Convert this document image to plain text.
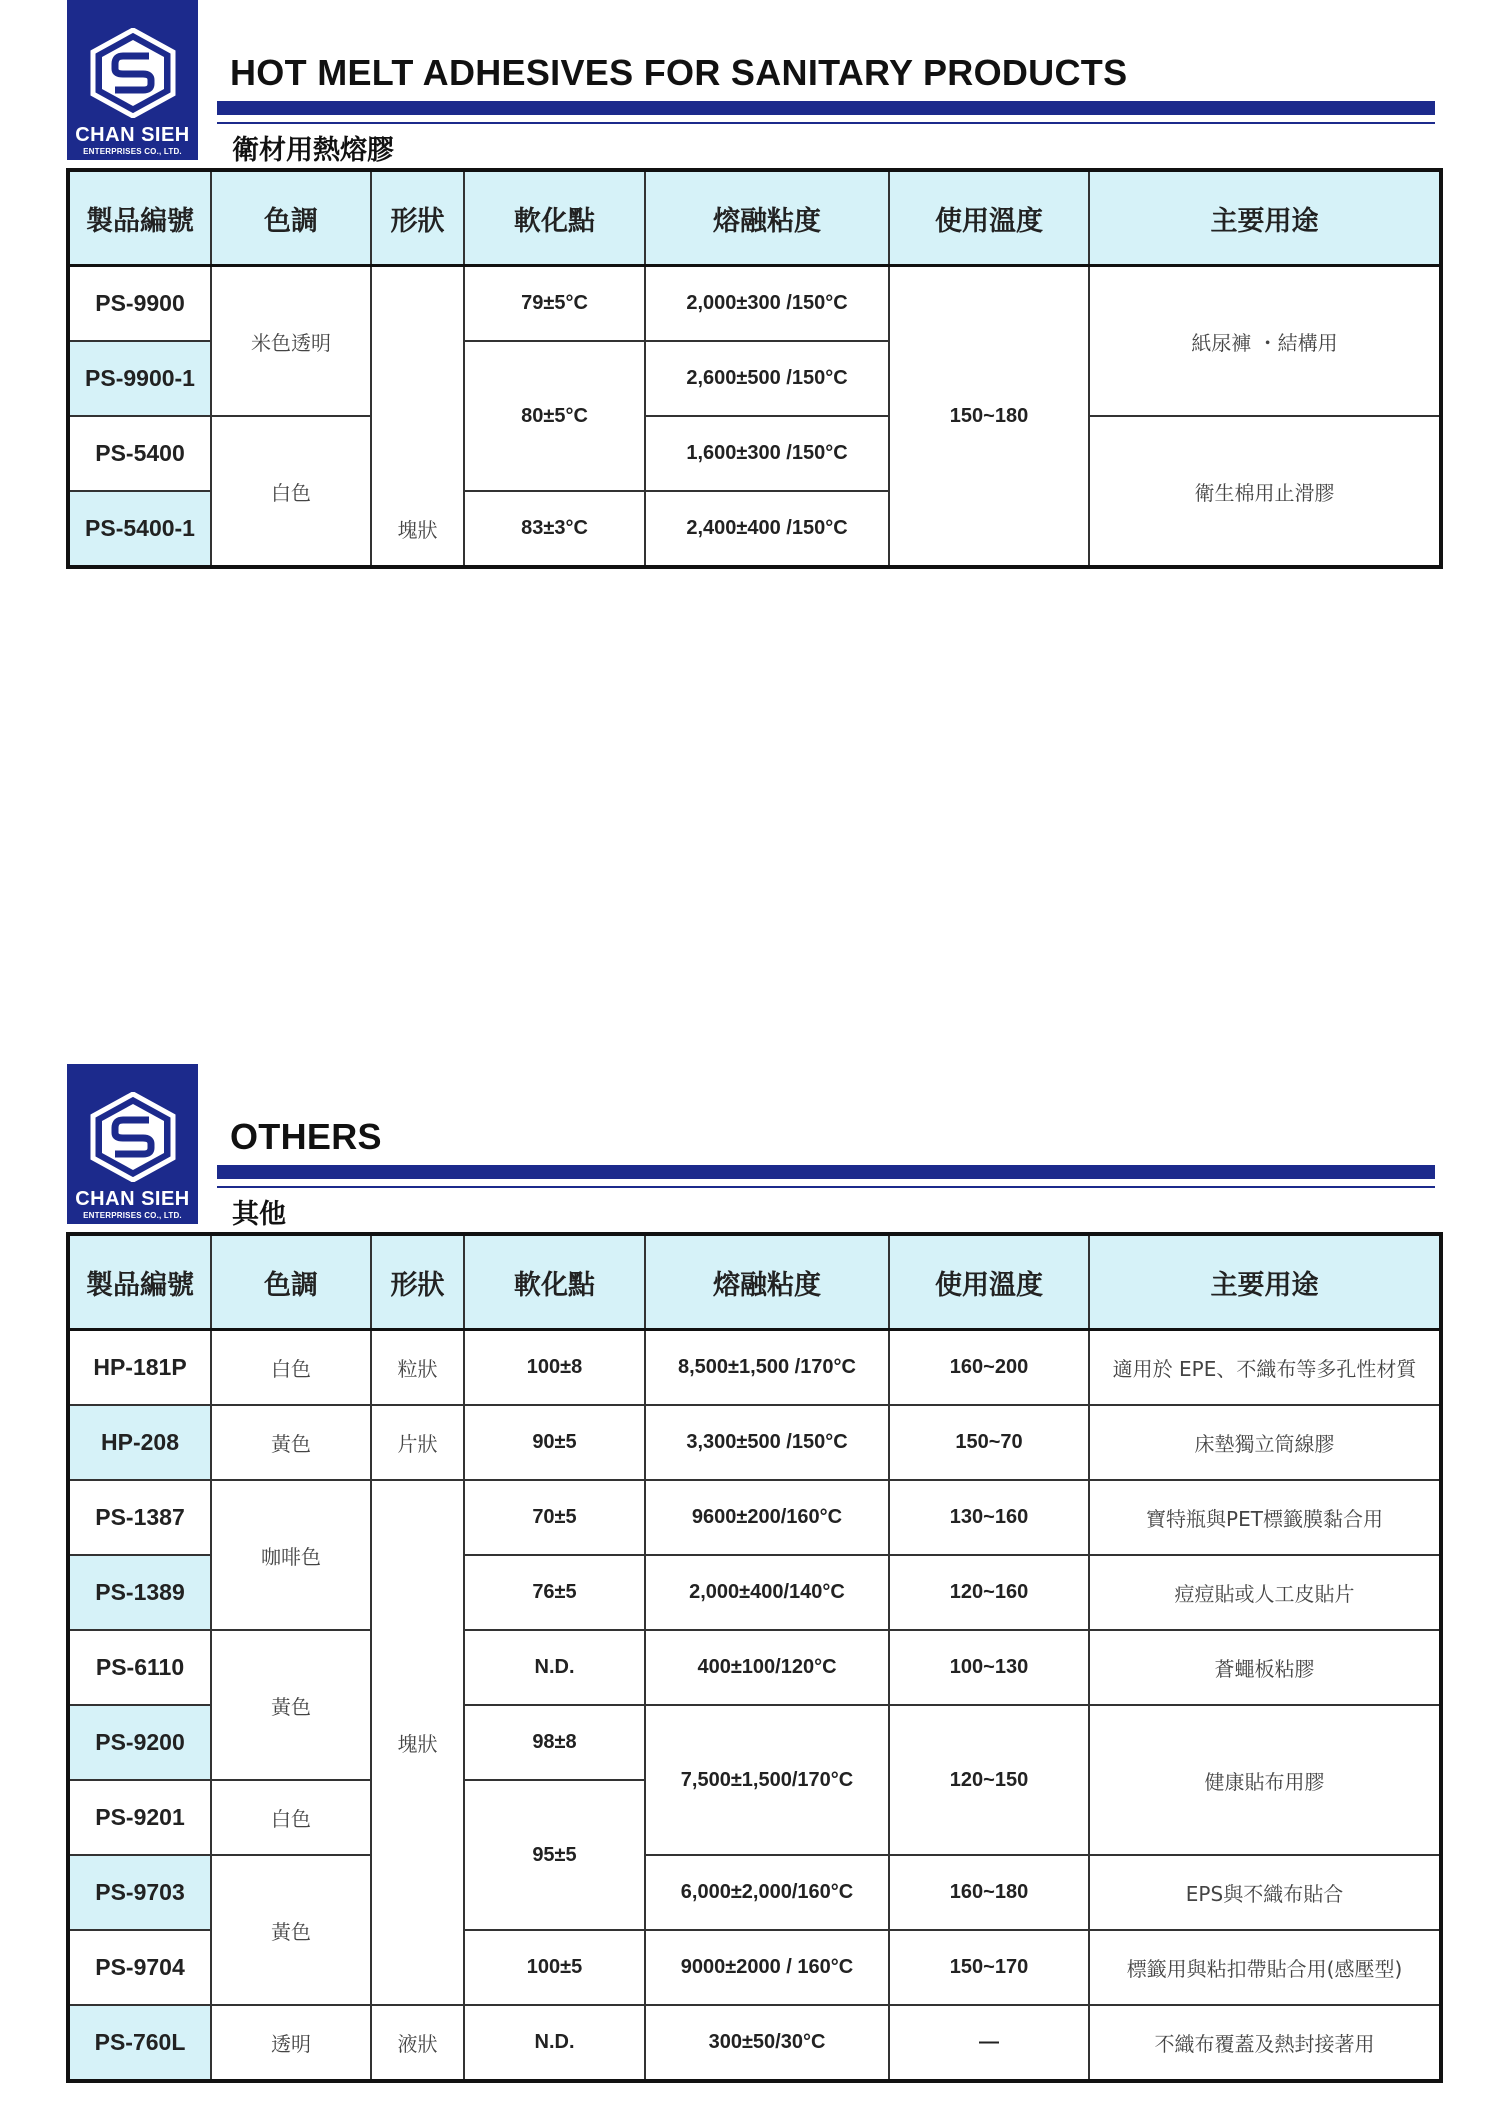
CHAN SIEH
ENTERPRISES CO., LTD.
HOT MELT ADHESIVES FOR SANITARY PRODUCTS
衛材用熱熔膠
製品編號	色調	形狀	軟化點	熔融粘度	使用溫度	主要用途
PS-9900	米色透明	塊狀	79±5°C	2,000±300 /150°C	150~180	紙尿褲 ・結構用
PS-9900-1			80±5°C	2,600±500 /150°C		
PS-5400	白色			1,600±300 /150°C		衛生棉用止滑膠
PS-5400-1			83±3°C	2,400±400 /150°C		
CHAN SIEH
ENTERPRISES CO., LTD.
OTHERS
其他
製品編號	色調	形狀	軟化點	熔融粘度	使用溫度	主要用途
HP-181P	白色	粒狀	100±8	8,500±1,500 /170°C	160~200	適用於 EPE、不織布等多孔性材質
HP-208	黃色	片狀	90±5	3,300±500 /150°C	150~70	床墊獨立筒線膠
PS-1387	咖啡色	塊狀	70±5	9600±200/160°C	130~160	寶特瓶與PET標籤膜黏合用
PS-1389			76±5	2,000±400/140°C	120~160	痘痘貼或人工皮貼片
PS-6110	黃色		N.D.	400±100/120°C	100~130	蒼蠅板粘膠
PS-9200			98±8	7,500±1,500/170°C	120~150	健康貼布用膠
PS-9201	白色		95±5			
PS-9703	黃色			6,000±2,000/160°C	160~180	EPS與不織布貼合
PS-9704			100±5	9000±2000 / 160°C	150~170	標籤用與粘扣帶貼合用(感壓型)
PS-760L	透明	液狀	N.D.	300±50/30°C	—	不織布覆蓋及熱封接著用
